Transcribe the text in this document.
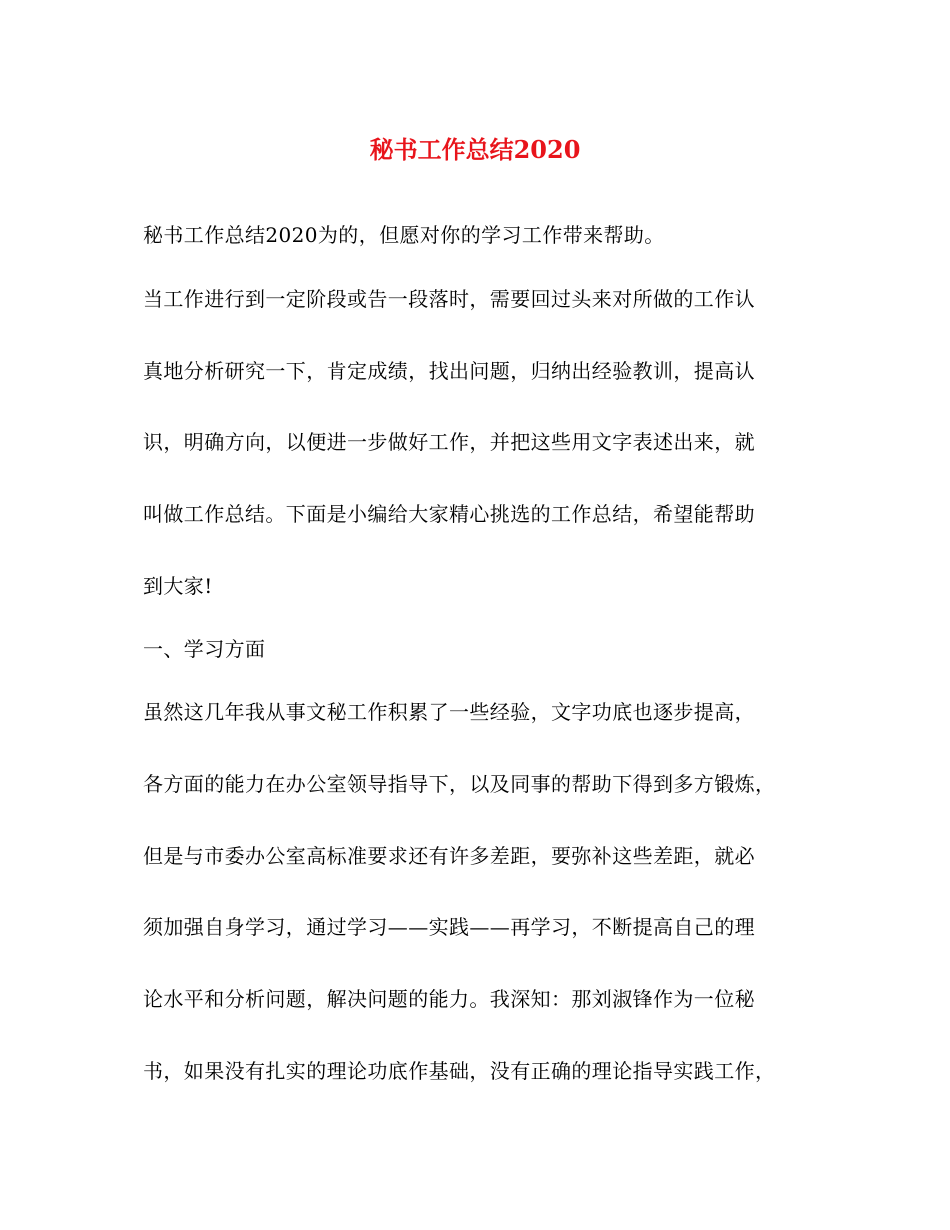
秘书工作总结2020
秘书工作总结2020为的，但愿对你的学习工作带来帮助。
当工作进行到一定阶段或告一段落时，需要回过头来对所做的工作认
真地分析研究一下，肯定成绩，找出问题，归纳出经验教训，提高认
识，明确方向，以便进一步做好工作，并把这些用文字表述出来，就
叫做工作总结。下面是小编给大家精心挑选的工作总结，希望能帮助
到大家!
一、学习方面
虽然这几年我从事文秘工作积累了一些经验，文字功底也逐步提高，
各方面的能力在办公室领导指导下，以及同事的帮助下得到多方锻炼，
但是与市委办公室高标准要求还有许多差距，要弥补这些差距，就必
须加强自身学习，通过学习——实践——再学习，不断提高自己的理
论水平和分析问题，解决问题的能力。我深知：那刘淑锋作为一位秘
书，如果没有扎实的理论功底作基础，没有正确的理论指导实践工作，
